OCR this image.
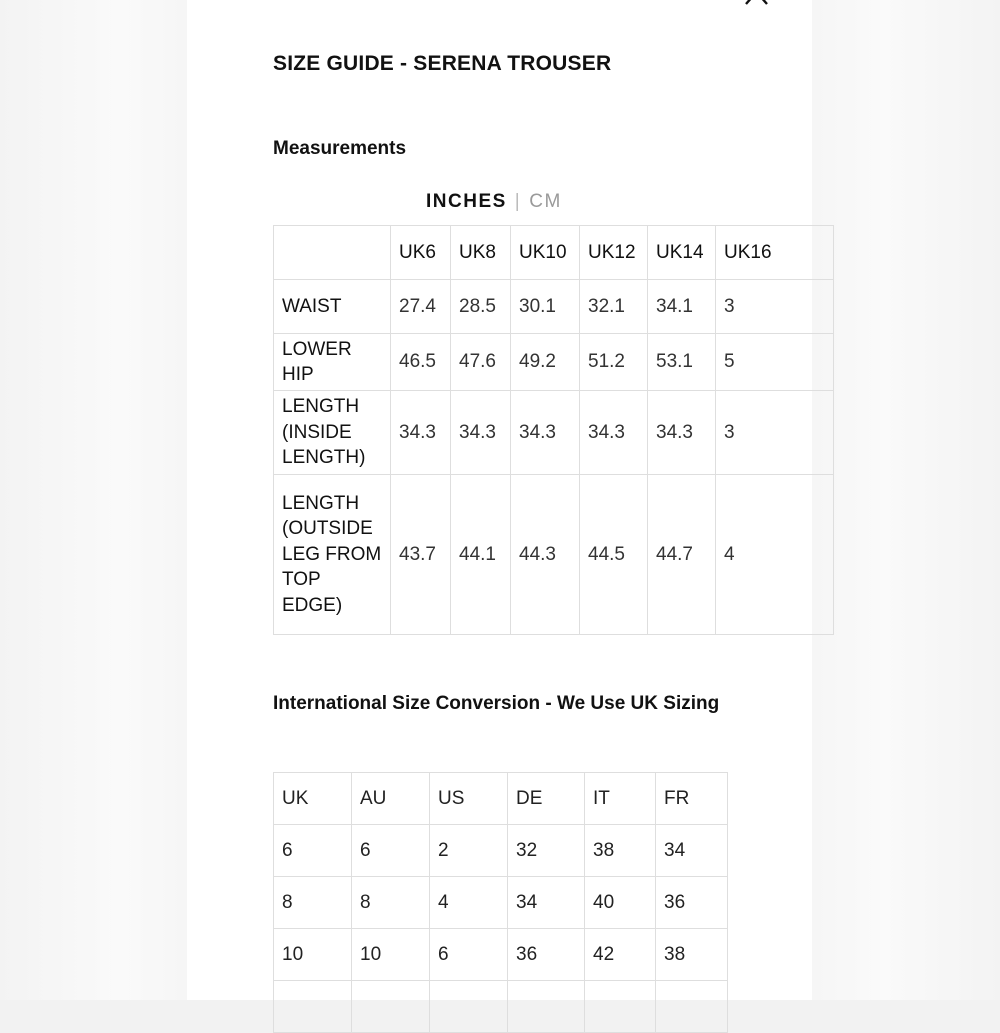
SIZE GUIDE - SERENA TROUSER
Measurements
INCHES | CM
	UK6	UK8	UK10	UK12	UK14	UK16
WAIST	27.4	28.5	30.1	32.1	34.1	3
LOWER HIP	46.5	47.6	49.2	51.2	53.1	5
LENGTH (INSIDE LENGTH)	34.3	34.3	34.3	34.3	34.3	3
LENGTH (OUTSIDE LEG FROM TOP EDGE)	43.7	44.1	44.3	44.5	44.7	4
International Size Conversion - We Use UK Sizing
UK	AU	US	DE	IT	FR
6	6	2	32	38	34
8	8	4	34	40	36
10	10	6	36	42	38
